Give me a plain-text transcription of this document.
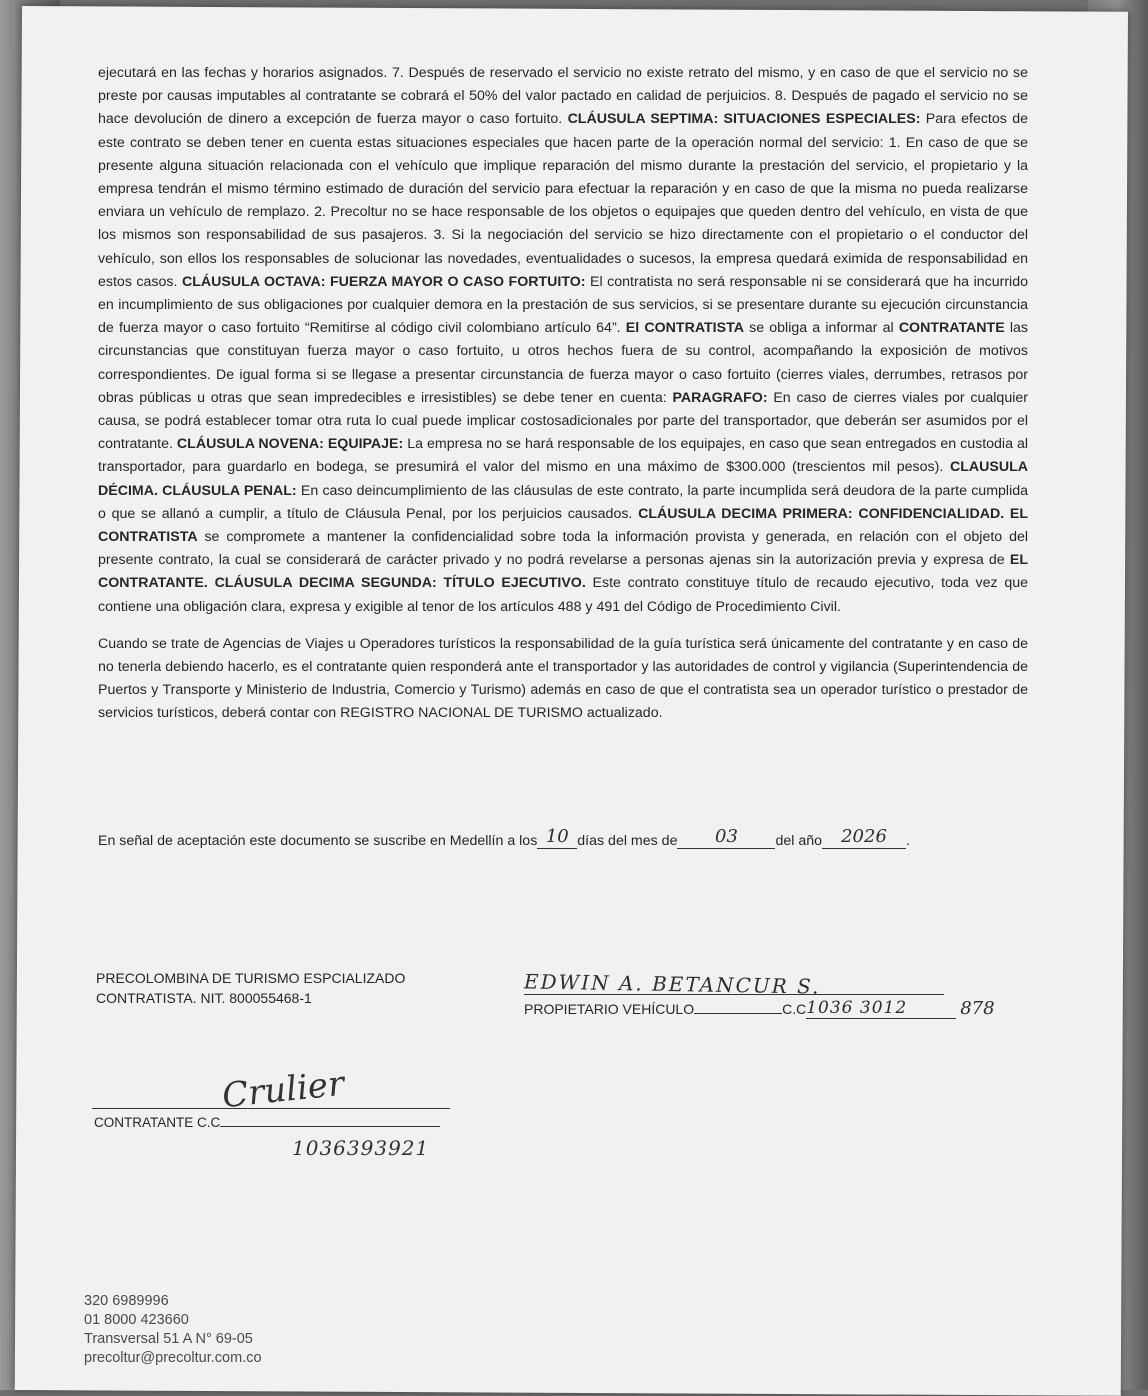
ejecutará en las fechas y horarios asignados. 7. Después de reservado el servicio no existe retrato del mismo, y en caso de que el servicio no se preste por causas imputables al contratante se cobrará el 50% del valor pactado en calidad de perjuicios. 8. Después de pagado el servicio no se hace devolución de dinero a excepción de fuerza mayor o caso fortuito. CLÁUSULA SEPTIMA: SITUACIONES ESPECIALES: Para efectos de este contrato se deben tener en cuenta estas situaciones especiales que hacen parte de la operación normal del servicio: 1. En caso de que se presente alguna situación relacionada con el vehículo que implique reparación del mismo durante la prestación del servicio, el propietario y la empresa tendrán el mismo término estimado de duración del servicio para efectuar la reparación y en caso de que la misma no pueda realizarse enviara un vehículo de remplazo. 2. Precoltur no se hace responsable de los objetos o equipajes que queden dentro del vehículo, en vista de que los mismos son responsabilidad de sus pasajeros. 3. Si la negociación del servicio se hizo directamente con el propietario o el conductor del vehículo, son ellos los responsables de solucionar las novedades, eventualidades o sucesos, la empresa quedará eximida de responsabilidad en estos casos. CLÁUSULA OCTAVA: FUERZA MAYOR O CASO FORTUITO: El contratista no será responsable ni se considerará que ha incurrido en incumplimiento de sus obligaciones por cualquier demora en la prestación de sus servicios, si se presentare durante su ejecución circunstancia de fuerza mayor o caso fortuito “Remitirse al código civil colombiano artículo 64”. El CONTRATISTA se obliga a informar al CONTRATANTE las circunstancias que constituyan fuerza mayor o caso fortuito, u otros hechos fuera de su control, acompañando la exposición de motivos correspondientes. De igual forma si se llegase a presentar circunstancia de fuerza mayor o caso fortuito (cierres viales, derrumbes, retrasos por obras públicas u otras que sean impredecibles e irresistibles) se debe tener en cuenta: PARAGRAFO: En caso de cierres viales por cualquier causa, se podrá establecer tomar otra ruta lo cual puede implicar costosadicionales por parte del transportador, que deberán ser asumidos por el contratante. CLÁUSULA NOVENA: EQUIPAJE: La empresa no se hará responsable de los equipajes, en caso que sean entregados en custodia al transportador, para guardarlo en bodega, se presumirá el valor del mismo en una máximo de $300.000 (trescientos mil pesos). CLAUSULA DÉCIMA. CLÁUSULA PENAL: En caso deincumplimiento de las cláusulas de este contrato, la parte incumplida será deudora de la parte cumplida o que se allanó a cumplir, a título de Cláusula Penal, por los perjuicios causados. CLÁUSULA DECIMA PRIMERA: CONFIDENCIALIDAD. EL CONTRATISTA se compromete a mantener la confidencialidad sobre toda la información provista y generada, en relación con el objeto del presente contrato, la cual se considerará de carácter privado y no podrá revelarse a personas ajenas sin la autorización previa y expresa de EL CONTRATANTE. CLÁUSULA DECIMA SEGUNDA: TÍTULO EJECUTIVO. Este contrato constituye título de recaudo ejecutivo, toda vez que contiene una obligación clara, expresa y exigible al tenor de los artículos 488 y 491 del Código de Procedimiento Civil.

Cuando se trate de Agencias de Viajes u Operadores turísticos la responsabilidad de la guía turística será únicamente del contratante y en caso de no tenerla debiendo hacerlo, es el contratante quien responderá ante el transportador y las autoridades de control y vigilancia (Superintendencia de Puertos y Transporte y Ministerio de Industria, Comercio y Turismo) además en caso de que el contratista sea un operador turístico o prestador de servicios turísticos, deberá contar con REGISTRO NACIONAL DE TURISMO actualizado.

En señal de aceptación este documento se suscribe en Medellín a los 10 días del mes de 03	del año 2026 .
PRECOLOMBINA DE TURISMO ESPCIALIZADO
CONTRATISTA. NIT. 800055468-1	EDWIN A. BETANCUR S.
PROPIETARIO VEHÍCULO	C.C1036 3012	878
Crulier
CONTRATANTE C.C
1036393921
320 6989996
01 8000 423660
Transversal 51 A N° 69-05
precoltur@precoltur.com.co
